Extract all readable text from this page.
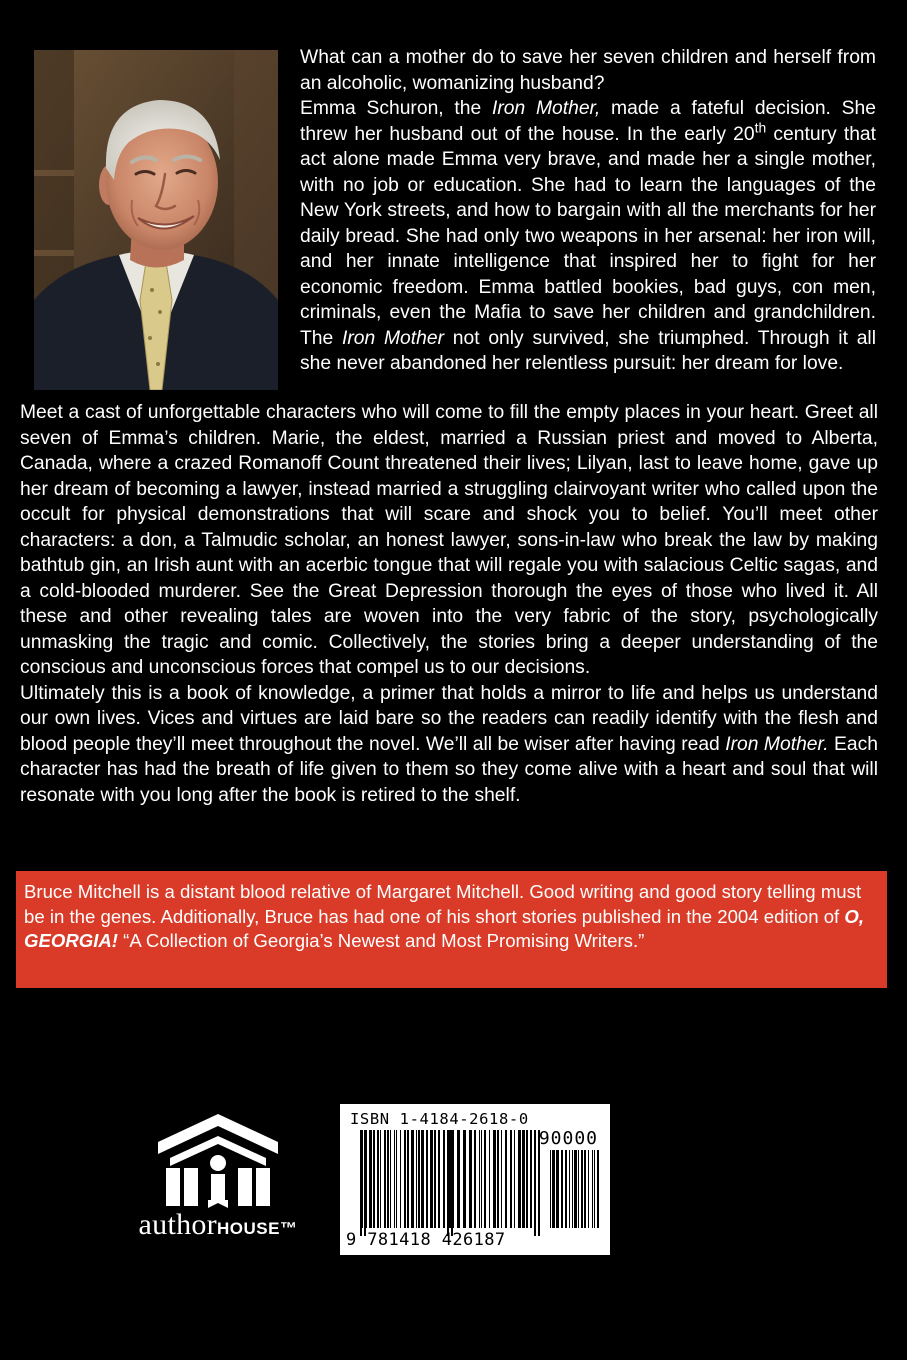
What can a mother do to save her seven children and herself from an alcoholic, womanizing husband?

Emma Schuron, the Iron Mother, made a fateful decision. She threw her husband out of the house. In the early 20th century that act alone made Emma very brave, and made her a single mother, with no job or education. She had to learn the languages of the New York streets, and how to bargain with all the merchants for her daily bread. She had only two weapons in her arsenal: her iron will, and her innate intelligence that inspired her to fight for her economic freedom. Emma battled bookies, bad guys, con men, criminals, even the Mafia to save her children and grandchildren. The Iron Mother not only survived, she triumphed. Through it all she never abandoned her relentless pursuit: her dream for love.

Meet a cast of unforgettable characters who will come to fill the empty places in your heart. Greet all seven of Emma’s children. Marie, the eldest, married a Russian priest and moved to Alberta, Canada, where a crazed Romanoff Count threatened their lives; Lilyan, last to leave home, gave up her dream of becoming a lawyer, instead married a struggling clairvoyant writer who called upon the occult for physical demonstrations that will scare and shock you to belief. You’ll meet other characters: a don, a Talmudic scholar, an honest lawyer, sons-in-law who break the law by making bathtub gin, an Irish aunt with an acerbic tongue that will regale you with salacious Celtic sagas, and a cold-blooded murderer. See the Great Depression thorough the eyes of those who lived it. All these and other revealing tales are woven into the very fabric of the story, psychologically unmasking the tragic and comic. Collectively, the stories bring a deeper understanding of the conscious and unconscious forces that compel us to our decisions.

Ultimately this is a book of knowledge, a primer that holds a mirror to life and helps us understand our own lives. Vices and virtues are laid bare so the readers can readily identify with the flesh and blood people they’ll meet throughout the novel. We’ll all be wiser after having read Iron Mother. Each character has had the breath of life given to them so they come alive with a heart and soul that will resonate with you long after the book is retired to the shelf.

Bruce Mitchell is a distant blood relative of Margaret Mitchell. Good writing and good story telling must be in the genes. Additionally, Bruce has had one of his short stories published in the 2004 edition of O, GEORGIA! “A Collection of Georgia’s Newest and Most Promising Writers.”
authorHOUSE™
ISBN 1-4184-2618-0
90000
9 781418 426187
